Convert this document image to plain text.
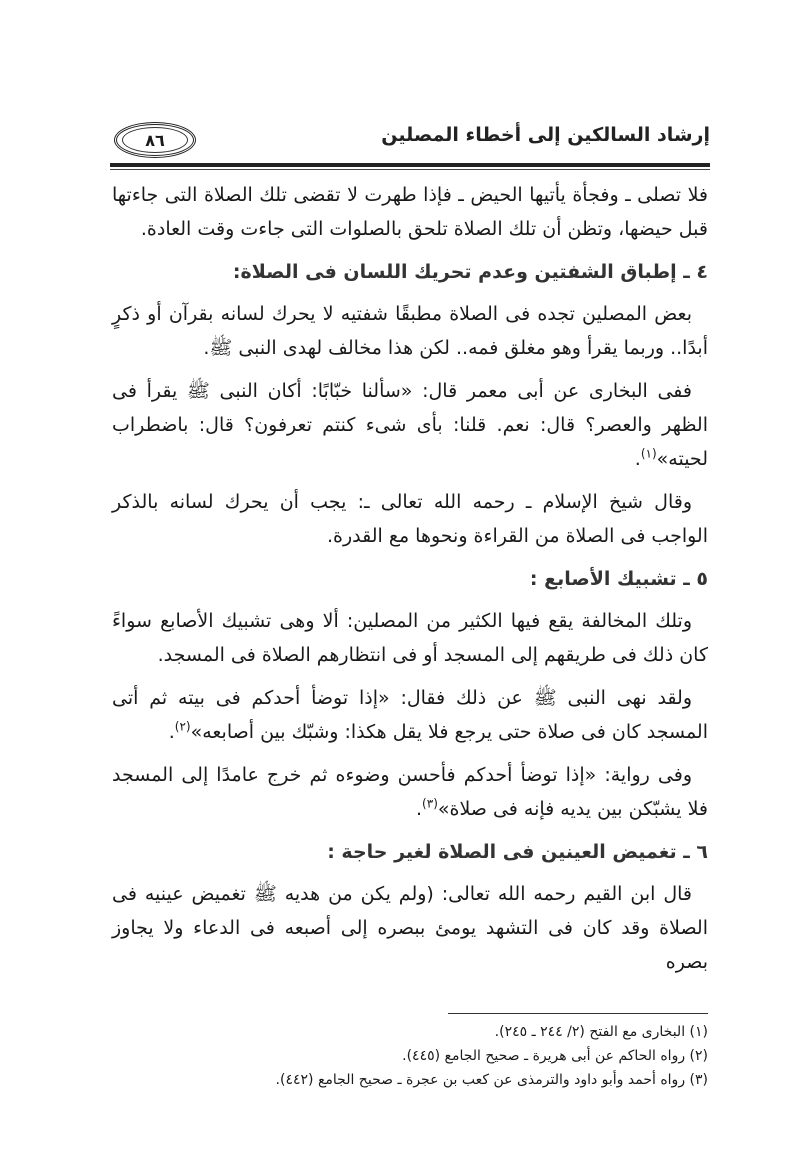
إرشاد السالكين إلى أخطاء المصلين
٨٦

فلا تصلى ـ وفجأة يأتيها الحيض ـ فإذا طهرت لا تقضى تلك الصلاة التى جاءتها قبل حيضها، وتظن أن تلك الصلاة تلحق بالصلوات التى جاءت وقت العادة.

٤ ـ إطباق الشفتين وعدم تحريك اللسان فى الصلاة:

بعض المصلين تجده فى الصلاة مطبقًا شفتيه لا يحرك لسانه بقرآن أو ذكرٍ أبدًا.. وربما يقرأ وهو مغلق فمه.. لكن هذا مخالف لهدى النبى ﷺ.

ففى البخارى عن أبى معمر قال: «سألنا خبّابًا: أكان النبى ﷺ يقرأ فى الظهر والعصر؟ قال: نعم. قلنا: بأى شىء كنتم تعرفون؟ قال: باضطراب لحيته»$^{(١)}$.

وقال شيخ الإسلام ـ رحمه الله تعالى ـ: يجب أن يحرك لسانه بالذكر الواجب فى الصلاة من القراءة ونحوها مع القدرة.

٥ ـ تشبيك الأصابع :

وتلك المخالفة يقع فيها الكثير من المصلين: ألا وهى تشبيك الأصابع سواءً كان ذلك فى طريقهم إلى المسجد أو فى انتظارهم الصلاة فى المسجد.

ولقد نهى النبى ﷺ عن ذلك فقال: «إذا توضأ أحدكم فى بيته ثم أتى المسجد كان فى صلاة حتى يرجع فلا يقل هكذا: وشبّك بين أصابعه»$^{(٢)}$.

وفى رواية: «إذا توضأ أحدكم فأحسن وضوءه ثم خرج عامدًا إلى المسجد فلا يشبّكن بين يديه فإنه فى صلاة»$^{(٣)}$.

٦ ـ تغميض العينين فى الصلاة لغير حاجة :

قال ابن القيم رحمه الله تعالى: (ولم يكن من هديه ﷺ تغميض عينيه فى الصلاة وقد كان فى التشهد يومئ ببصره إلى أصبعه فى الدعاء ولا يجاوز بصره

(١) البخارى مع الفتح (٢/ ٢٤٤ ـ ٢٤٥).

(٢) رواه الحاكم عن أبى هريرة ـ صحيح الجامع (٤٤٥).

(٣) رواه أحمد وأبو داود والترمذى عن كعب بن عجرة ـ صحيح الجامع (٤٤٢).
